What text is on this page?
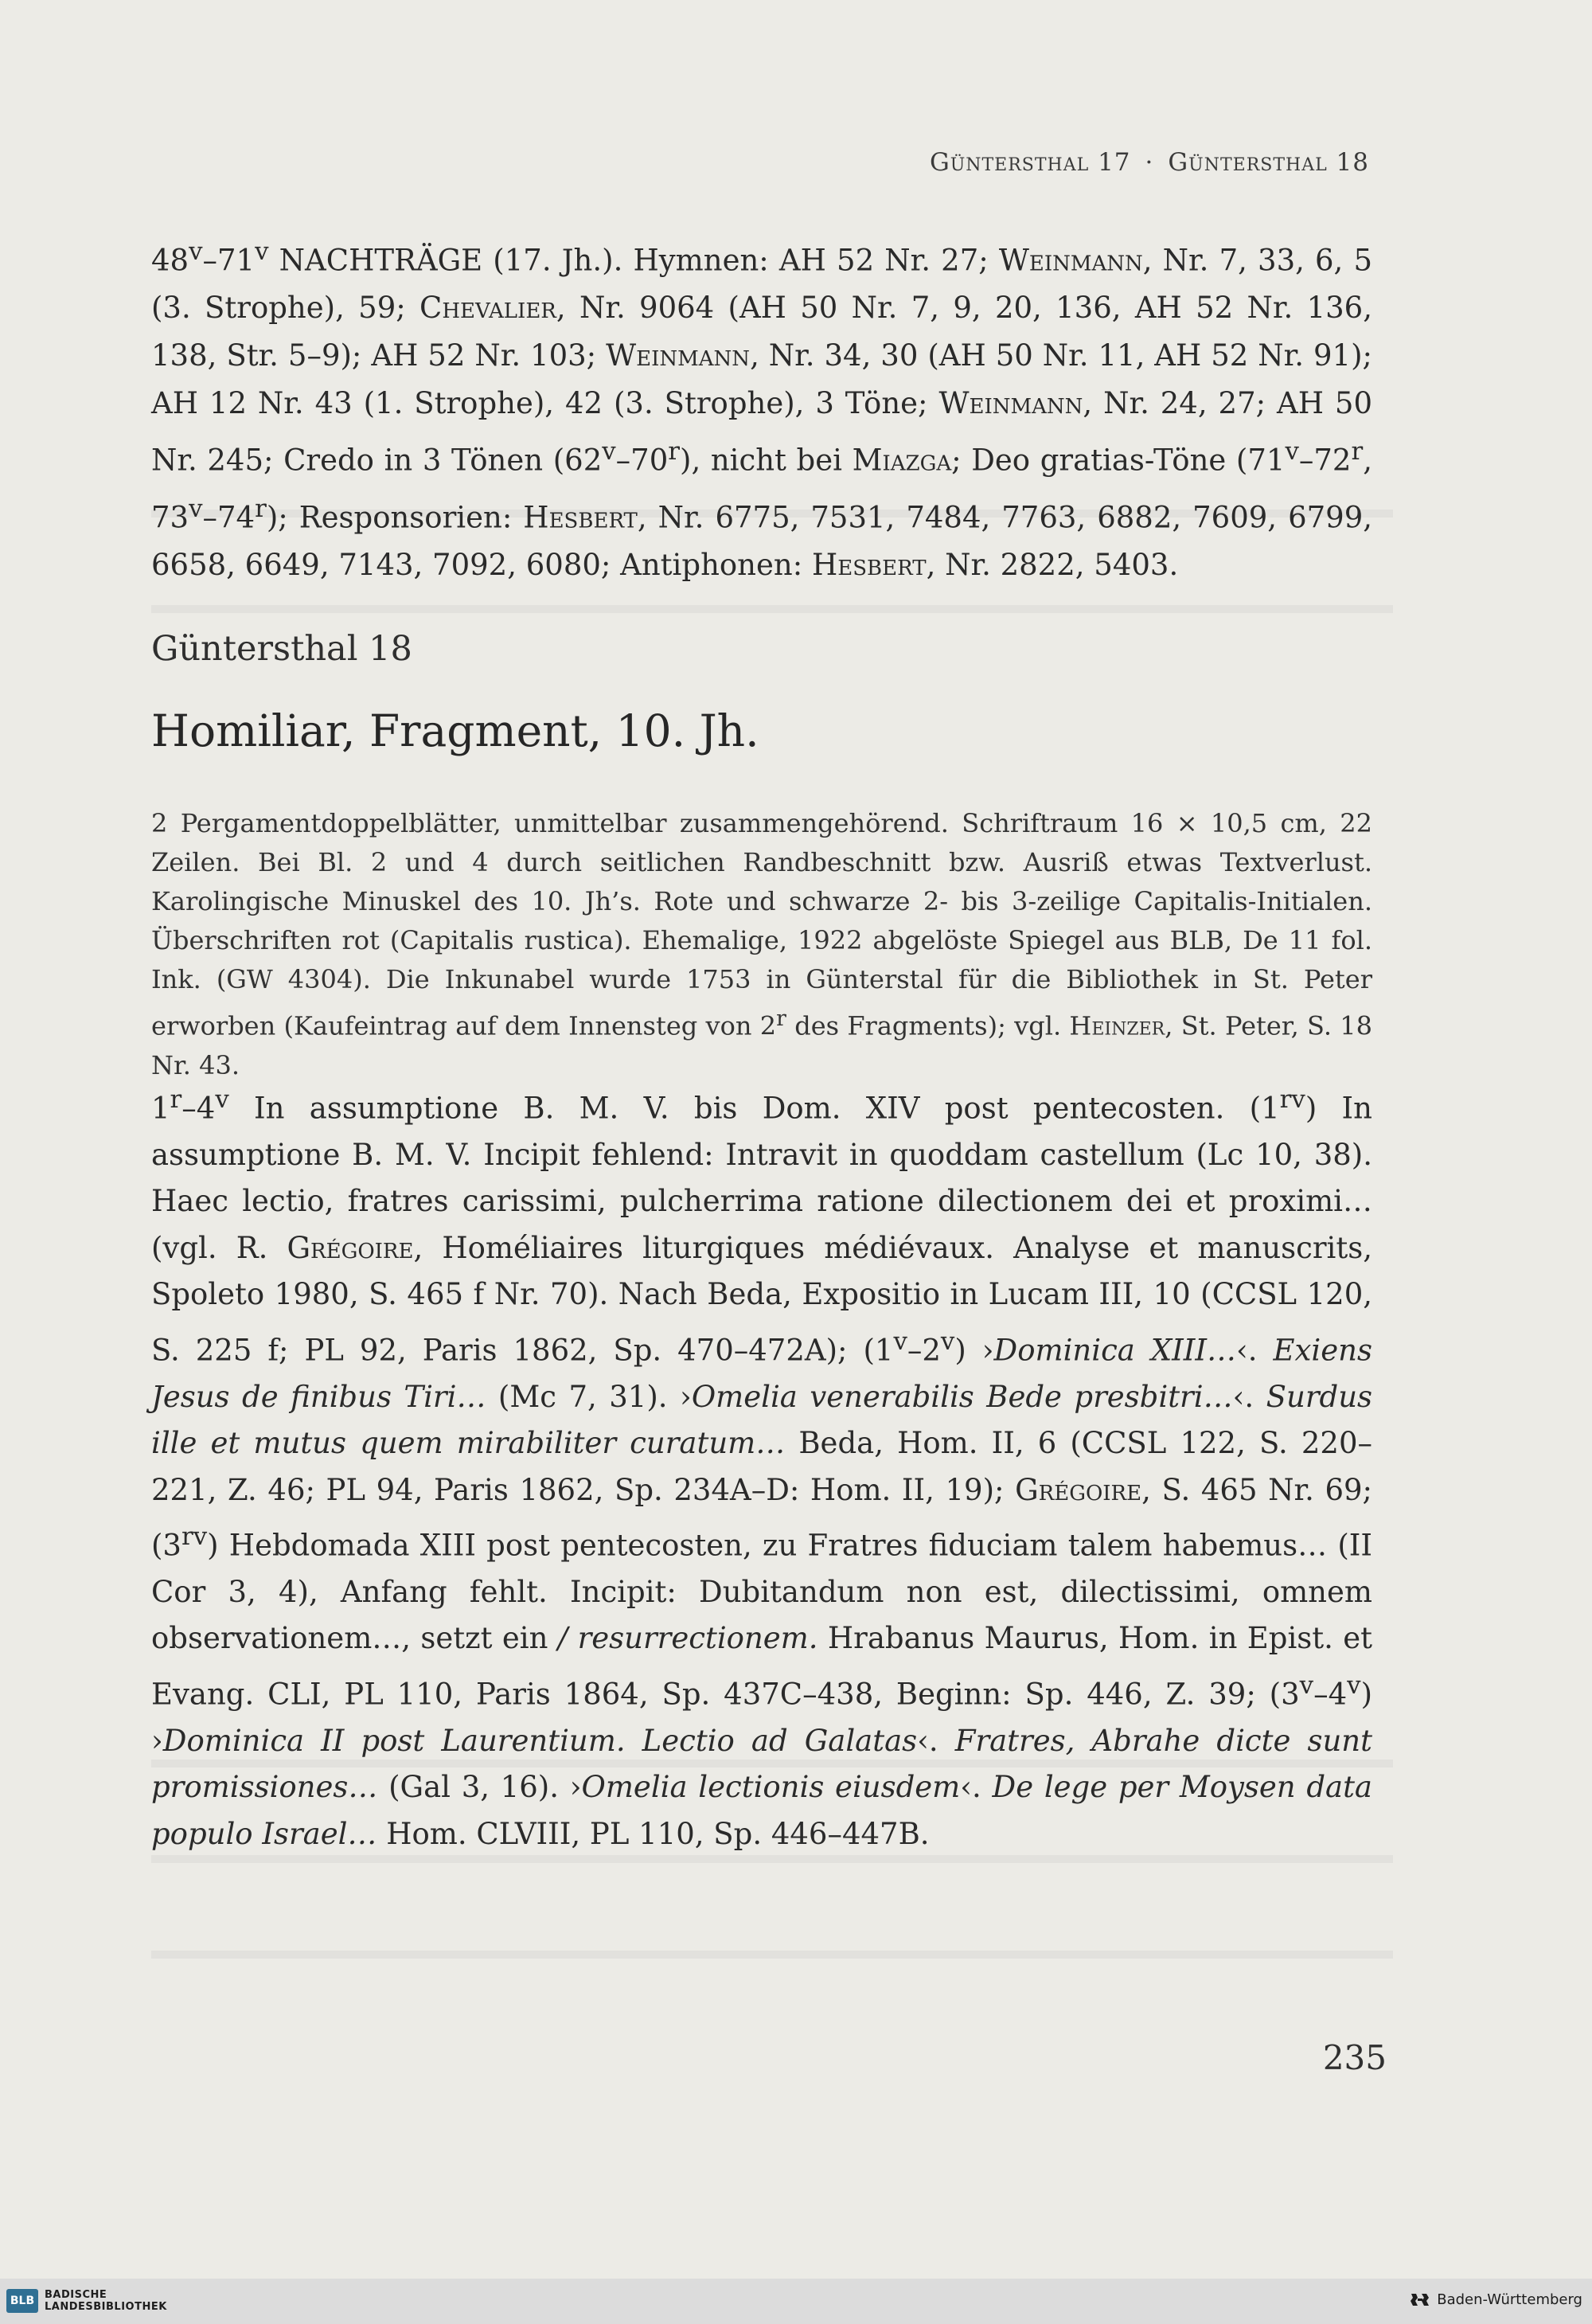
Güntersthal 17 · Güntersthal 18

48$^v$–71$^v$ NACHTRÄGE (17. Jh.). Hymnen: AH 52 Nr. 27; Weinmann, Nr. 7, 33, 6, 5 (3. Strophe), 59; Chevalier, Nr. 9064 (AH 50 Nr. 7, 9, 20, 136, AH 52 Nr. 136, 138, Str. 5–9); AH 52 Nr. 103; Weinmann, Nr. 34, 30 (AH 50 Nr. 11, AH 52 Nr. 91); AH 12 Nr. 43 (1. Strophe), 42 (3. Strophe), 3 Töne; Weinmann, Nr. 24, 27; AH 50 Nr. 245; Credo in 3 Tönen (62$^v$–70$^r$), nicht bei Miazga; Deo gratias-Töne (71$^v$–72$^r$, 73$^v$–74$^r$); Responsorien: Hesbert, Nr. 6775, 7531, 7484, 7763, 6882, 7609, 6799, 6658, 6649, 7143, 7092, 6080; Antiphonen: Hesbert, Nr. 2822, 5403.

Güntersthal 18
Homiliar, Fragment, 10. Jh.

2 Pergamentdoppelblätter, unmittelbar zusammengehörend. Schriftraum 16 × 10,5 cm, 22 Zeilen. Bei Bl. 2 und 4 durch seitlichen Randbeschnitt bzw. Ausriß etwas Textverlust. Karolingische Minuskel des 10. Jh’s. Rote und schwarze 2- bis 3-zeilige Capitalis-Initialen. Überschriften rot (Capitalis rustica). Ehemalige, 1922 abgelöste Spiegel aus BLB, De 11 fol. Ink. (GW 4304). Die Inkunabel wurde 1753 in Günterstal für die Bibliothek in St. Peter erworben (Kaufeintrag auf dem Innensteg von 2$^r$ des Fragments); vgl. Heinzer, St. Peter, S. 18 Nr. 43.

1$^r$–4$^v$ In assumptione B. M. V. bis Dom. XIV post pentecosten. $(1^{rv})$ In assumptione B. M. V. Incipit fehlend: Intravit in quoddam castellum (Lc 10, 38). Haec lectio, fratres carissimi, pulcherrima ratione dilectionem dei et proximi… (vgl. R. Grégoire, Homéliaires liturgiques médiévaux. Analyse et manuscrits, Spoleto 1980, S. 465 f Nr. 70). Nach Beda, Expositio in Lucam III, 10 (CCSL 120, S. 225 f; PL 92, Paris 1862, Sp. 470–472A); (1$^v$–2$^v$) ›Dominica XIII…‹. Exiens Jesus de finibus Tiri… (Mc 7, 31). ›Omelia venerabilis Bede presbitri…‹. Surdus ille et mutus quem mirabiliter curatum… Beda, Hom. II, 6 (CCSL 122, S. 220–221, Z. 46; PL 94, Paris 1862, Sp. 234A–D: Hom. II, 19); Grégoire, S. 465 Nr. 69; $(3^{rv})$ Hebdomada XIII post pentecosten, zu Fratres fiduciam talem habemus… (II Cor 3, 4), Anfang fehlt. Incipit: Dubitandum non est, dilectissimi, omnem observationem…, setzt ein / resurrectionem. Hrabanus Maurus, Hom. in Epist. et Evang. CLI, PL 110, Paris 1864, Sp. 437C–438, Beginn: Sp. 446, Z. 39; (3$^v$–4$^v$) ›Dominica II post Laurentium. Lectio ad Galatas‹. Fratres, Abrahe dicte sunt promissiones… (Gal 3, 16). ›Omelia lectionis eiusdem‹. De lege per Moysen data populo Israel… Hom. CLVIII, PL 110, Sp. 446–447B.

235
BLB BADISCHE
LANDESBIBLIOTHEK	Baden-Württemberg
